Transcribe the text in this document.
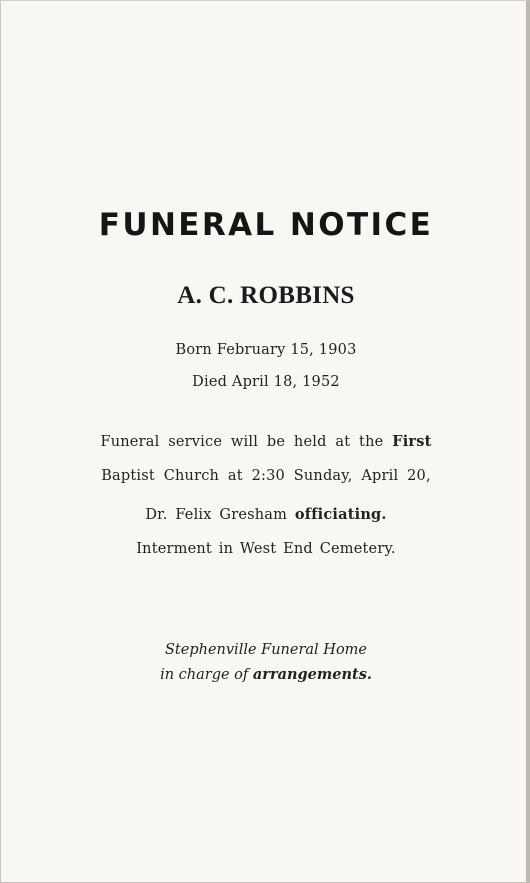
FUNERAL NOTICE
A. C. ROBBINS
Born February 15, 1903
Died April 18, 1952
Funeral service will be held at the First
Baptist Church at 2:30 Sunday, April 20,
Dr. Felix Gresham officiating.
Interment in West End Cemetery.
Stephenville Funeral Home
in charge of arrangements.
